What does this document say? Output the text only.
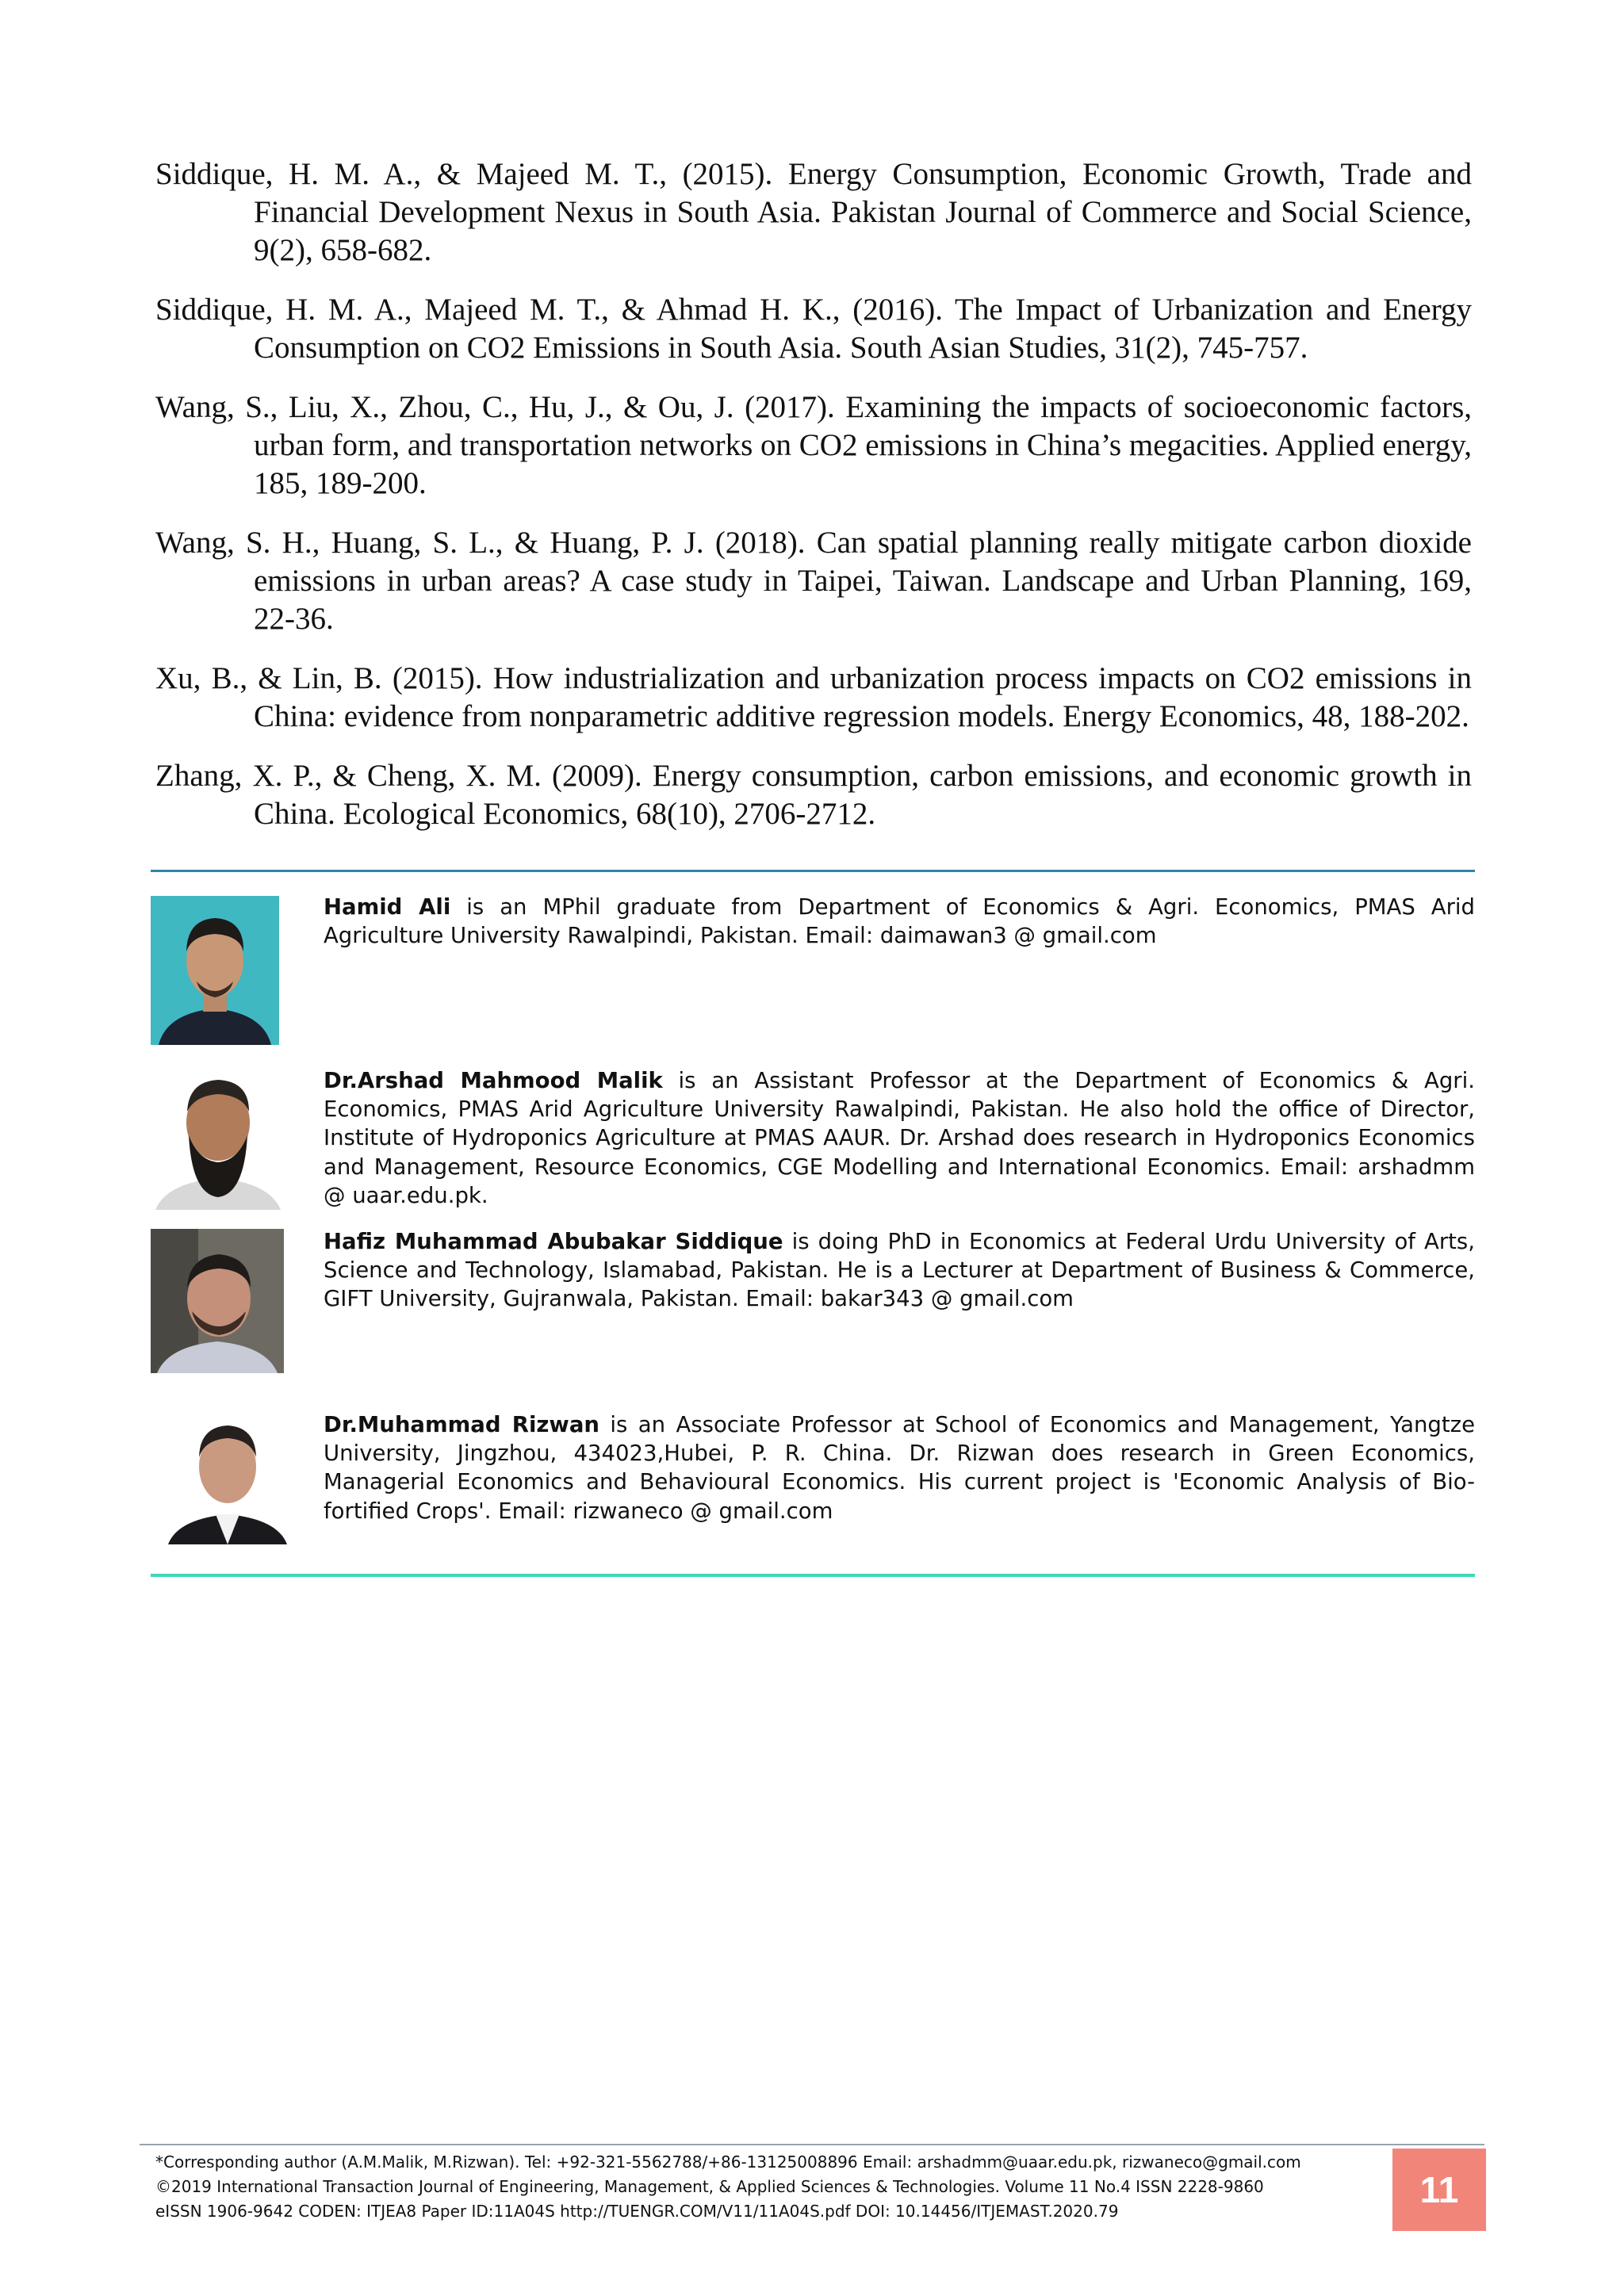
Siddique, H. M. A., & Majeed M. T., (2015). Energy Consumption, Economic Growth, Trade and Financial Development Nexus in South Asia. Pakistan Journal of Commerce and Social Science, 9(2), 658-682.

Siddique, H. M. A., Majeed M. T., & Ahmad H. K., (2016). The Impact of Urbanization and Energy Consumption on CO2 Emissions in South Asia. South Asian Studies, 31(2), 745-757.

Wang, S., Liu, X., Zhou, C., Hu, J., & Ou, J. (2017). Examining the impacts of socioeconomic factors, urban form, and transportation networks on CO2 emissions in China’s megacities. Applied energy, 185, 189-200.

Wang, S. H., Huang, S. L., & Huang, P. J. (2018). Can spatial planning really mitigate carbon dioxide emissions in urban areas? A case study in Taipei, Taiwan. Landscape and Urban Planning, 169, 22-36.

Xu, B., & Lin, B. (2015). How industrialization and urbanization process impacts on CO2 emissions in China: evidence from nonparametric additive regression models. Energy Economics, 48, 188-202.

Zhang, X. P., & Cheng, X. M. (2009). Energy consumption, carbon emissions, and economic growth in China. Ecological Economics, 68(10), 2706-2712.

Hamid Ali is an MPhil graduate from Department of Economics & Agri. Economics, PMAS Arid Agriculture University Rawalpindi, Pakistan. Email: daimawan3 @ gmail.com
Dr.Arshad Mahmood Malik is an Assistant Professor at the Department of Economics & Agri. Economics, PMAS Arid Agriculture University Rawalpindi, Pakistan. He also hold the office of Director, Institute of Hydroponics Agriculture at PMAS AAUR. Dr. Arshad does research in Hydroponics Economics and Management, Resource Economics, CGE Modelling and International Economics. Email: arshadmm @ uaar.edu.pk.
Hafiz Muhammad Abubakar Siddique is doing PhD in Economics at Federal Urdu University of Arts, Science and Technology, Islamabad, Pakistan. He is a Lecturer at Department of Business & Commerce, GIFT University, Gujranwala, Pakistan. Email: bakar343 @ gmail.com
Dr.Muhammad Rizwan is an Associate Professor at School of Economics and Management, Yangtze University, Jingzhou, 434023,Hubei, P. R. China. Dr. Rizwan does research in Green Economics, Managerial Economics and Behavioural Economics. His current project is 'Economic Analysis of Bio-fortified Crops'. Email: rizwaneco @ gmail.com
*Corresponding author (A.M.Malik, M.Rizwan). Tel: +92-321-5562788/+86-13125008896 Email: arshadmm@uaar.edu.pk, rizwaneco@gmail.com
©2019 International Transaction Journal of Engineering, Management, & Applied Sciences & Technologies. Volume 11 No.4 ISSN 2228-9860
eISSN 1906-9642 CODEN: ITJEA8 Paper ID:11A04S http://TUENGR.COM/V11/11A04S.pdf DOI: 10.14456/ITJEMAST.2020.79
11
